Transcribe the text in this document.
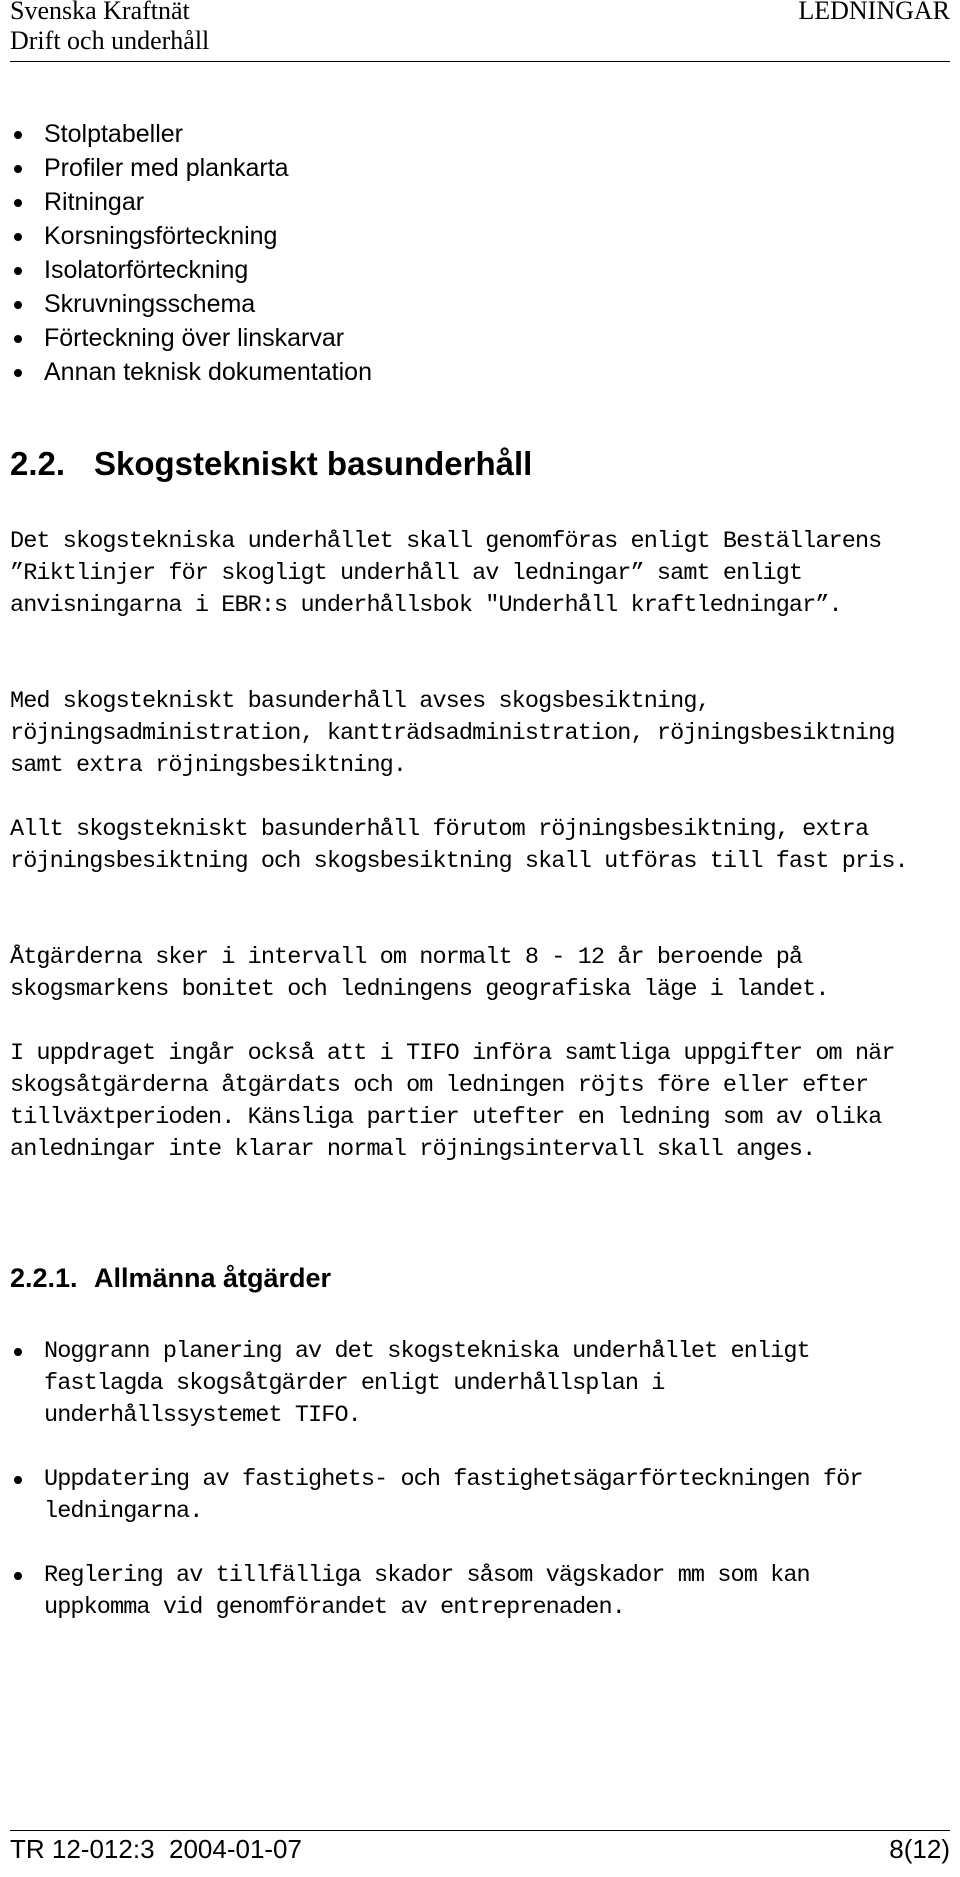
Svenska Kraftnät
Drift och underhåll
LEDNINGAR
Stolptabeller
Profiler med plankarta
Ritningar
Korsningsförteckning
Isolatorförteckning
Skruvningsschema
Förteckning över linskarvar
Annan teknisk dokumentation
2.2. Skogstekniskt basunderhåll

Det skogstekniska underhållet skall genomföras enligt Beställarens ”Riktlinjer för skogligt underhåll av ledningar” samt enligt anvisningarna i EBR:s underhållsbok "Underhåll kraftledningar”.

Med skogstekniskt basunderhåll avses skogsbesiktning, röjningsadministration, kantträdsadministration, röjningsbesiktning samt extra röjningsbesiktning.

Allt skogstekniskt basunderhåll förutom röjningsbesiktning, extra röjningsbesiktning och skogsbesiktning skall utföras till fast pris.

Åtgärderna sker i intervall om normalt 8 - 12 år beroende på skogsmarkens bonitet och ledningens geografiska läge i landet.

I uppdraget ingår också att i TIFO införa samtliga uppgifter om när skogsåtgärderna åtgärdats och om ledningen röjts före eller efter tillväxtperioden. Känsliga partier utefter en ledning som av olika anledningar inte klarar normal röjningsintervall skall anges.

2.2.1. Allmänna åtgärder
Noggrann planering av det skogstekniska underhållet enligt fastlagda skogsåtgärder enligt underhållsplan i underhållssystemet TIFO.
Uppdatering av fastighets- och fastighetsägarförteckningen för ledningarna.
Reglering av tillfälliga skador såsom vägskador mm som kan uppkomma vid genomförandet av entreprenaden.
TR 12-012:3 2004-01-07	8(12)
